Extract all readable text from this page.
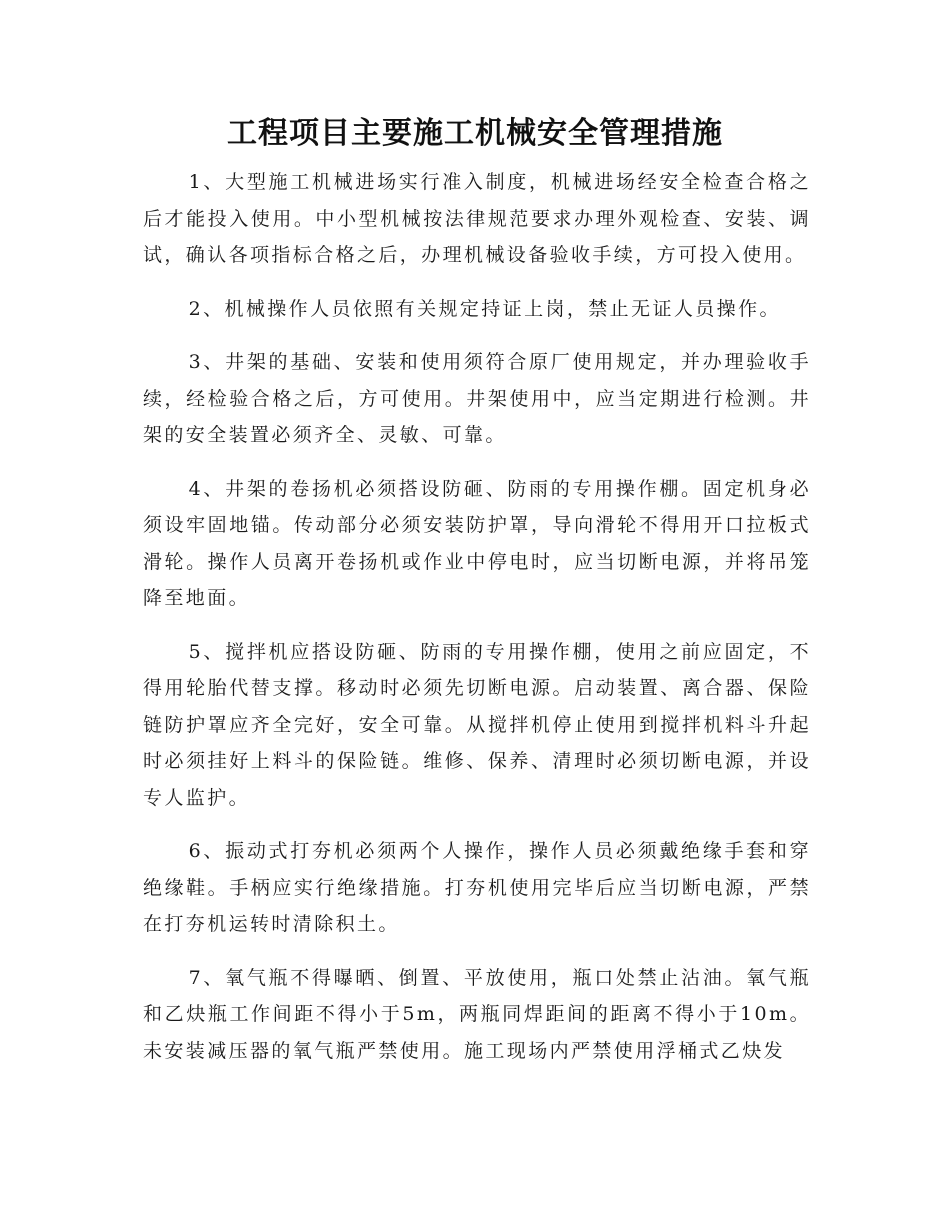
工程项目主要施工机械安全管理措施

1、大型施工机械进场实行准入制度，机械进场经安全检查合格之后才能投入使用。中小型机械按法律规范要求办理外观检查、安装、调试，确认各项指标合格之后，办理机械设备验收手续，方可投入使用。

2、机械操作人员依照有关规定持证上岗，禁止无证人员操作。

3、井架的基础、安装和使用须符合原厂使用规定，并办理验收手续，经检验合格之后，方可使用。井架使用中，应当定期进行检测。井架的安全装置必须齐全、灵敏、可靠。

4、井架的卷扬机必须搭设防砸、防雨的专用操作棚。固定机身必须设牢固地锚。传动部分必须安装防护罩，导向滑轮不得用开口拉板式滑轮。操作人员离开卷扬机或作业中停电时，应当切断电源，并将吊笼降至地面。

5、搅拌机应搭设防砸、防雨的专用操作棚，使用之前应固定，不得用轮胎代替支撑。移动时必须先切断电源。启动装置、离合器、保险链防护罩应齐全完好，安全可靠。从搅拌机停止使用到搅拌机料斗升起时必须挂好上料斗的保险链。维修、保养、清理时必须切断电源，并设专人监护。

6、振动式打夯机必须两个人操作，操作人员必须戴绝缘手套和穿绝缘鞋。手柄应实行绝缘措施。打夯机使用完毕后应当切断电源，严禁在打夯机运转时清除积土。

7、氧气瓶不得曝晒、倒置、平放使用，瓶口处禁止沾油。氧气瓶和乙炔瓶工作间距不得小于5m，两瓶同焊距间的距离不得小于10m。未安装减压器的氧气瓶严禁使用。施工现场内严禁使用浮桶式乙炔发
